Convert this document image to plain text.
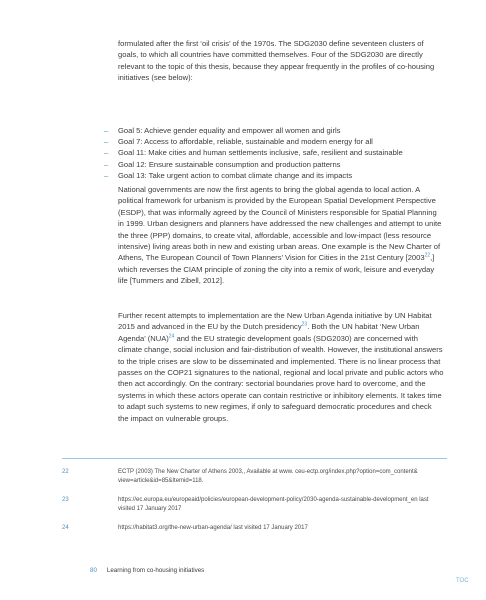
formulated after the first ‘oil crisis’ of the 1970s. The SDG2030 define seventeen clusters of goals, to which all countries have committed themselves. Four of the SDG2030 are directly relevant to the topic of this thesis, because they appear frequently in the profiles of co-housing initiatives (see below):

– Goal 5: Achieve gender equality and empower all women and girls
– Goal 7: Access to affordable, reliable, sustainable and modern energy for all
– Goal 11: Make cities and human settlements inclusive, safe, resilient and sustainable
– Goal 12: Ensure sustainable consumption and production patterns
– Goal 13: Take urgent action to combat climate change and its impacts

National governments are now the first agents to bring the global agenda to local action. A political framework for urbanism is provided by the European Spatial Development Perspective (ESDP), that was informally agreed by the Council of Ministers responsible for Spatial Planning in 1999. Urban designers and planners have addressed the new challenges and attempt to unite the three (PPP) domains, to create vital, affordable, accessible and low-impact (less resource intensive) living areas both in new and existing urban areas. One example is the New Charter of Athens, The European Council of Town Planners’ Vision for Cities in the 21st Century [2003$^{22}$,] which reverses the CIAM principle of zoning the city into a remix of work, leisure and everyday life [Tummers and Zibell, 2012].

Further recent attempts to implementation are the New Urban Agenda initiative by UN Habitat 2015 and advanced in the EU by the Dutch presidency$^{23}$. Both the UN habitat ‘New Urban Agenda’ (NUA)$^{24}$ and the EU strategic development goals (SDG2030) are concerned with climate change, social inclusion and fair-distribution of wealth. However, the institutional answers to the triple crises are slow to be disseminated and implemented. There is no linear process that passes on the COP21 signatures to the national, regional and local private and public actors who then act accordingly. On the contrary: sectorial boundaries prove hard to overcome, and the systems in which these actors operate can contain restrictive or inhibitory elements. It takes time to adapt such systems to new regimes, if only to safeguard democratic procedures and check the impact on vulnerable groups.

22	ECTP (2003) The New Charter of Athens 2003,, Available at www. ceu-ectp.org/index.php?option=com_content& view=article&id=85&Itemid=118.
23	https://ec.europa.eu/europeaid/policies/european-development-policy/2030-agenda-sustainable-development_en last visited 17 January 2017
24	https://habitat3.org/the-new-urban-agenda/ last visited 17 January 2017
80 Learning from co-housing initiatives
TOC
